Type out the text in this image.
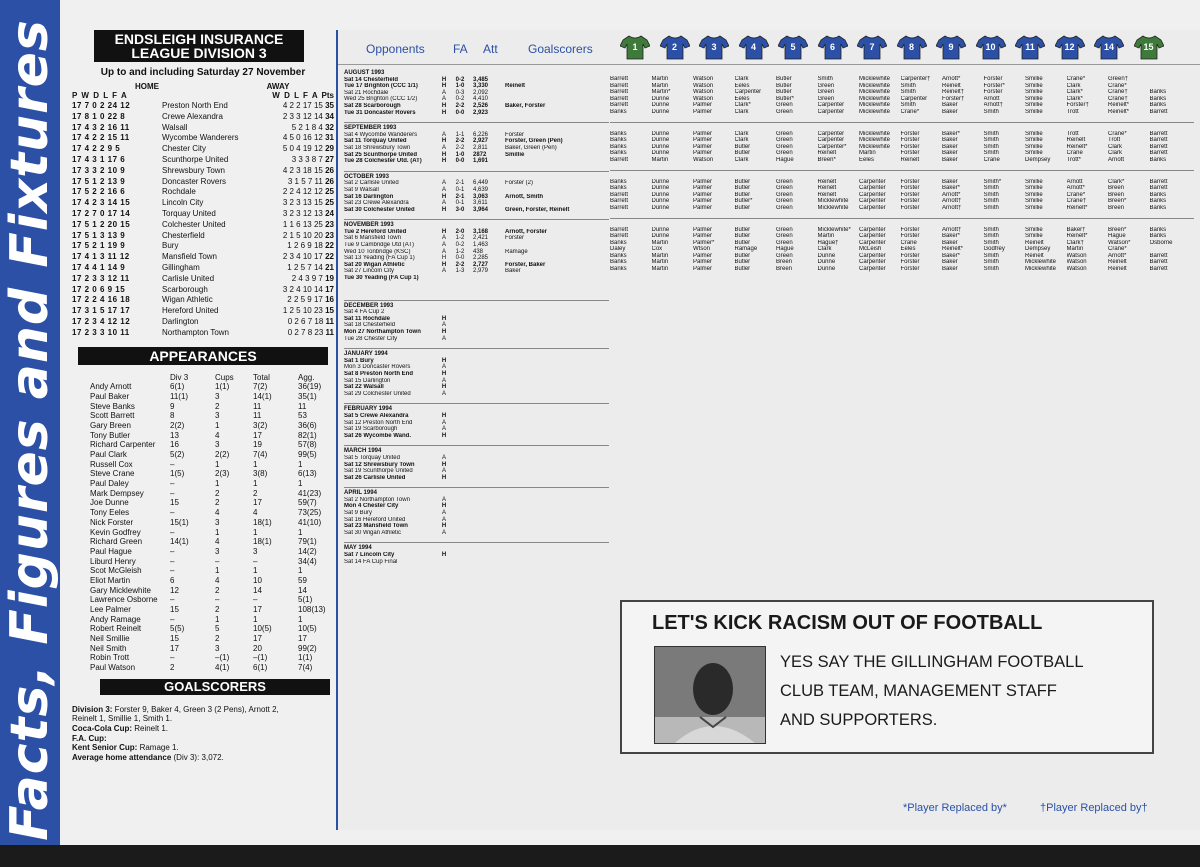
Facts, Figures and Fixtures	ENDSLEIGH INSURANCE LEAGUE DIVISION 3
Up to and including Saturday 27 November
HOME	AWAY
P W D L F A	W D L F A Pts
17 7 0 2 24 12	Preston North End	4 2 2 17 15 35
17 8 1 0 22 8	Crewe Alexandra	2 3 3 12 14 34
17 4 3 2 16 11	Walsall	5 2 1 8 4 32
17 4 2 2 15 11	Wycombe Wanderers	4 5 0 16 12 31
17 4 2 2 9 5	Chester City	5 0 4 19 12 29
17 4 3 1 17 6	Scunthorpe United	3 3 3 8 7 27
17 3 3 2 10 9	Shrewsbury Town	4 2 3 18 15 26
17 5 1 2 13 9	Doncaster Rovers	3 1 5 7 11 26
17 5 2 2 16 6	Rochdale	2 2 4 12 12 25
17 4 2 3 14 15	Lincoln City	3 2 3 13 15 25
17 2 7 0 17 14	Torquay United	3 2 3 12 13 24
17 5 1 2 20 15	Colchester United	1 1 6 13 25 23
17 5 1 3 13 9	Chesterfield	2 1 5 10 20 23
17 5 2 1 19 9	Bury	1 2 6 9 18 22
17 4 1 3 11 12	Mansfield Town	2 3 4 10 17 22
17 4 4 1 14 9	Gillingham	1 2 5 7 14 21
17 2 3 3 12 11	Carlisle United	2 4 3 9 7 19
17 2 0 6 9 15	Scarborough	3 2 4 10 14 17
17 2 2 4 16 18	Wigan Athletic	2 2 5 9 17 16
17 3 1 5 17 17	Hereford United	1 2 5 10 23 15
17 2 3 4 12 12	Darlington	0 2 6 7 18 11
17 2 3 3 10 11	Northampton Town	0 2 7 8 23 11
APPEARANCES
Div 3	Cups	Total	Agg.
Andy Arnott	6(1)	1(1)	7(2)	36(19)
Paul Baker	11(1)	3	14(1)	35(1)
Steve Banks	9	2	11	11
Scott Barrett	8	3	11	53
Gary Breen	2(2)	1	3(2)	36(6)
Tony Butler	13	4	17	82(1)
Richard Carpenter	16	3	19	57(8)
Paul Clark	5(2)	2(2)	7(4)	99(5)
Russell Cox	–	1	1	1
Steve Crane	1(5)	2(3)	3(8)	6(13)
Paul Daley	–	1	1	1
Mark Dempsey	–	2	2	41(23)
Joe Dunne	15	2	17	59(7)
Tony Eeles	–	4	4	73(25)
Nick Forster	15(1)	3	18(1)	41(10)
Kevin Godfrey	–	1	1	1
Richard Green	14(1)	4	18(1)	79(1)
Paul Hague	–	3	3	14(2)
Liburd Henry	–	–	–	34(4)
Scot McGleish	–	1	1	1
Eliot Martin	6	4	10	59
Gary Micklewhite	12	2	14	14
Lawrence Osborne	–	–	–	5(1)
Lee Palmer	15	2	17	108(13)
Andy Ramage	–	1	1	1
Robert Reinelt	5(5)	5	10(5)	10(5)
Neil Smillie	15	2	17	17
Neil Smith	17	3	20	99(2)
Robin Trott	–	–(1)	–(1)	1(1)
Paul Watson	2	4(1)	6(1)	7(4)
GOALSCORERS
Division 3: Forster 9, Baker 4, Green 3 (2 Pens), Arnott 2,
Reinelt 1, Smillie 1, Smith 1.
Coca-Cola Cup: Reinelt 1.
F.A. Cup:
Kent Senior Cup: Ramage 1.
Average home attendance (Div 3): 3,072.
Opponents FA Att	Goalscorers	1	2	3	4	5	6	7	8	9	10	11	12	14	15
AUGUST 1993
Sat 14 Chesterfield	H	0-2	3,485
Tue 17 Brighton (CCC 1/1)	H	1-0	3,330	Reinelt
Sat 21 Rochdale	A	0-3	2,092
Wed 25 Brighton (CCC 1/2)	A	0-2	4,410
Sat 28 Scarborough	H	2-2	2,526	Baker, Forster
Tue 31 Doncaster Rovers	H	0-0	2,923
SEPTEMBER 1993
Sat 4 Wycombe Wanderers	A	1-1	6,226	Forster
Sat 11 Torquay United	H	2-2	2,927	Forster, Green (Pen)
Sat 18 Shrewsbury Town	A	2-2	2,811	Baker, Green (Pen)
Sat 25 Scunthorpe United	H	1-0	2872	Smillie
Tue 28 Colchester Utd. (AT)	H	0-0	1,691
OCTOBER 1993
Sat 2 Carlisle United	A	2-1	6,449	Forster (2)
Sat 9 Walsall	A	0-1	4,639
Sat 16 Darlington	H	2-1	3,063	Arnott, Smith
Sat 23 Crewe Alexandra	A	0-1	3,611
Sat 30 Colchester United	H	3-0	3,964	Green, Forster, Reinelt
NOVEMBER 1993
Tue 2 Hereford United	H	2-0	3,168	Arnott, Forster
Sat 6 Mansfield Town	A	1-2	2,421	Forster
Tue 9 Cambridge Utd (AT)	A	0-2	1,463
Wed 10 Tonbridge (KSC)	A	1-2	438	Ramage
Sat 13 Yeading (FA Cup 1)	H	0-0	2,285
Sat 20 Wigan Athletic	H	2-2	2,727	Forster, Baker
Sat 27 Lincoln City	A	1-3	2,979	Baker
Tue 30 Yeading (FA Cup 1)
DECEMBER 1993
Sat 4 FA Cup 2
Sat 11 Rochdale	H
Sat 18 Chesterfield	A
Mon 27 Northampton Town	H
Tue 28 Chester City	A
JANUARY 1994
Sat 1 Bury	H
Mon 3 Doncaster Rovers	A
Sat 8 Preston North End	H
Sat 15 Darlington	A
Sat 22 Walsall	H
Sat 29 Colchester United	A
FEBRUARY 1994
Sat 5 Crewe Alexandra	H
Sat 12 Preston North End	A
Sat 19 Scarborough	A
Sat 26 Wycombe Wand.	H
MARCH 1994
Sat 5 Torquay United	A
Sat 12 Shrewsbury Town	H
Sat 19 Scunthorpe United	A
Sat 26 Carlisle United	H
APRIL 1994
Sat 2 Northampton Town	A
Mon 4 Chester City	H
Sat 9 Bury	A
Sat 16 Hereford United	A
Sat 23 Mansfield Town	H
Sat 30 Wigan Athletic	A
MAY 1994
Sat 7 Lincoln City	H
Sat 14 FA Cup Final
Barrett	Martin	Watson	Clark	Butler	Smith	Micklewhite	Carpenter†	Arnott*	Forster	Smillie	Crane*	Green†
Barrett	Martin	Watson	Eeles	Butler	Green	Micklewhite	Smith	Reinelt	Forster*	Smillie	Clark	Crane*
Barrett	Martin*	Watson	Carpenter	Butler	Green	Micklewhite	Smith	Reinelt†	Forster	Smillie	Clark*	Crane†	Banks
Barrett	Dunne	Watson	Eeles	Butler*	Green	Micklewhite	Carpenter	Forster†	Arnott	Smillie	Clark*	Crane†	Banks
Barrett	Dunne	Palmer	Clark*	Green	Carpenter	Micklewhite	Smith	Baker	Arnott†	Smillie	Forster†	Reinelt*	Banks
Banks	Dunne	Palmer	Clark	Green	Carpenter	Micklewhite	Crane*	Baker	Smith	Smillie	Trott	Reinelt*	Barrett
Banks	Dunne	Palmer	Clark	Green	Carpenter	Micklewhite	Forster	Baker*	Smith	Smillie	Trott	Crane*	Barrett
Banks	Dunne	Palmer	Clark	Green	Carpenter	Micklewhite	Forster	Baker	Smith	Smillie	Reinelt	Trott	Barrett
Banks	Dunne	Palmer	Butler	Green	Carpenter*	Micklewhite	Forster	Baker	Smith	Smillie	Reinelt*	Clark	Barrett
Banks	Dunne	Palmer	Butler	Green	Reinelt	Martin	Forster	Baker	Smith	Smillie	Crane	Clark	Barrett
Barrett	Martin	Watson	Clark	Hague	Breen*	Eeles	Reinelt	Baker	Crane	Dempsey	Trott*	Arnott	Banks
Banks	Dunne	Palmer	Butler	Green	Reinelt	Carpenter	Forster	Baker	Smith*	Smillie	Arnott	Clark*	Barrett
Banks	Dunne	Palmer	Butler	Green	Reinelt	Carpenter	Forster	Baker*	Smith	Smillie	Arnott*	Breen	Barrett
Barrett	Dunne	Palmer	Butler	Green	Reinelt	Carpenter	Forster	Arnott*	Smith	Smillie	Crane*	Breen	Banks
Barrett	Dunne	Palmer	Butler*	Green	Micklewhite	Carpenter	Forster	Arnott†	Smith	Smillie	Crane†	Breen*	Banks
Barrett	Dunne	Palmer	Butler	Green	Micklewhite	Carpenter	Forster	Arnott†	Smith	Smillie	Reinelt*	Breen	Banks
Barrett	Dunne	Palmer	Butler	Green	Micklewhite*	Carpenter	Forster	Arnott†	Smith	Smillie	Baker†	Breen*	Banks
Barrett	Dunne	Palmer	Butler	Green	Martin	Carpenter	Forster	Baker*	Smith	Smillie	Reinelt*	Hague	Banks
Banks	Martin	Palmer*	Butler	Green	Hague†	Carpenter	Crane	Baker	Smith	Reinelt	Clark†	Watson*	Osborne
Daley	Cox	Wtson	Ramage	Hague	Clark	McLeish	Eeles	Reinelt*	Godfrey	Dempsey	Martin	Crane*
Banks	Martin	Palmer	Butler	Green	Dunne	Carpenter	Forster	Baker*	Smith	Reinelt	Watson	Arnott*	Barrett
Banks	Martin	Palmer	Butler	Breen	Dunne	Carpenter	Forster	Baker	Smith	Micklewhite	Watson	Reinelt	Barrett
Banks	Martin	Palmer	Butler	Breen	Dunne	Carpenter	Forster	Baker	Smith	Micklewhite	Watson	Reinelt	Barrett
LET'S KICK RACISM OUT OF FOOTBALL
YES SAY THE GILLINGHAM FOOTBALL
CLUB TEAM, MANAGEMENT STAFF
AND SUPPORTERS.
*Player Replaced by*	†Player Replaced by†
